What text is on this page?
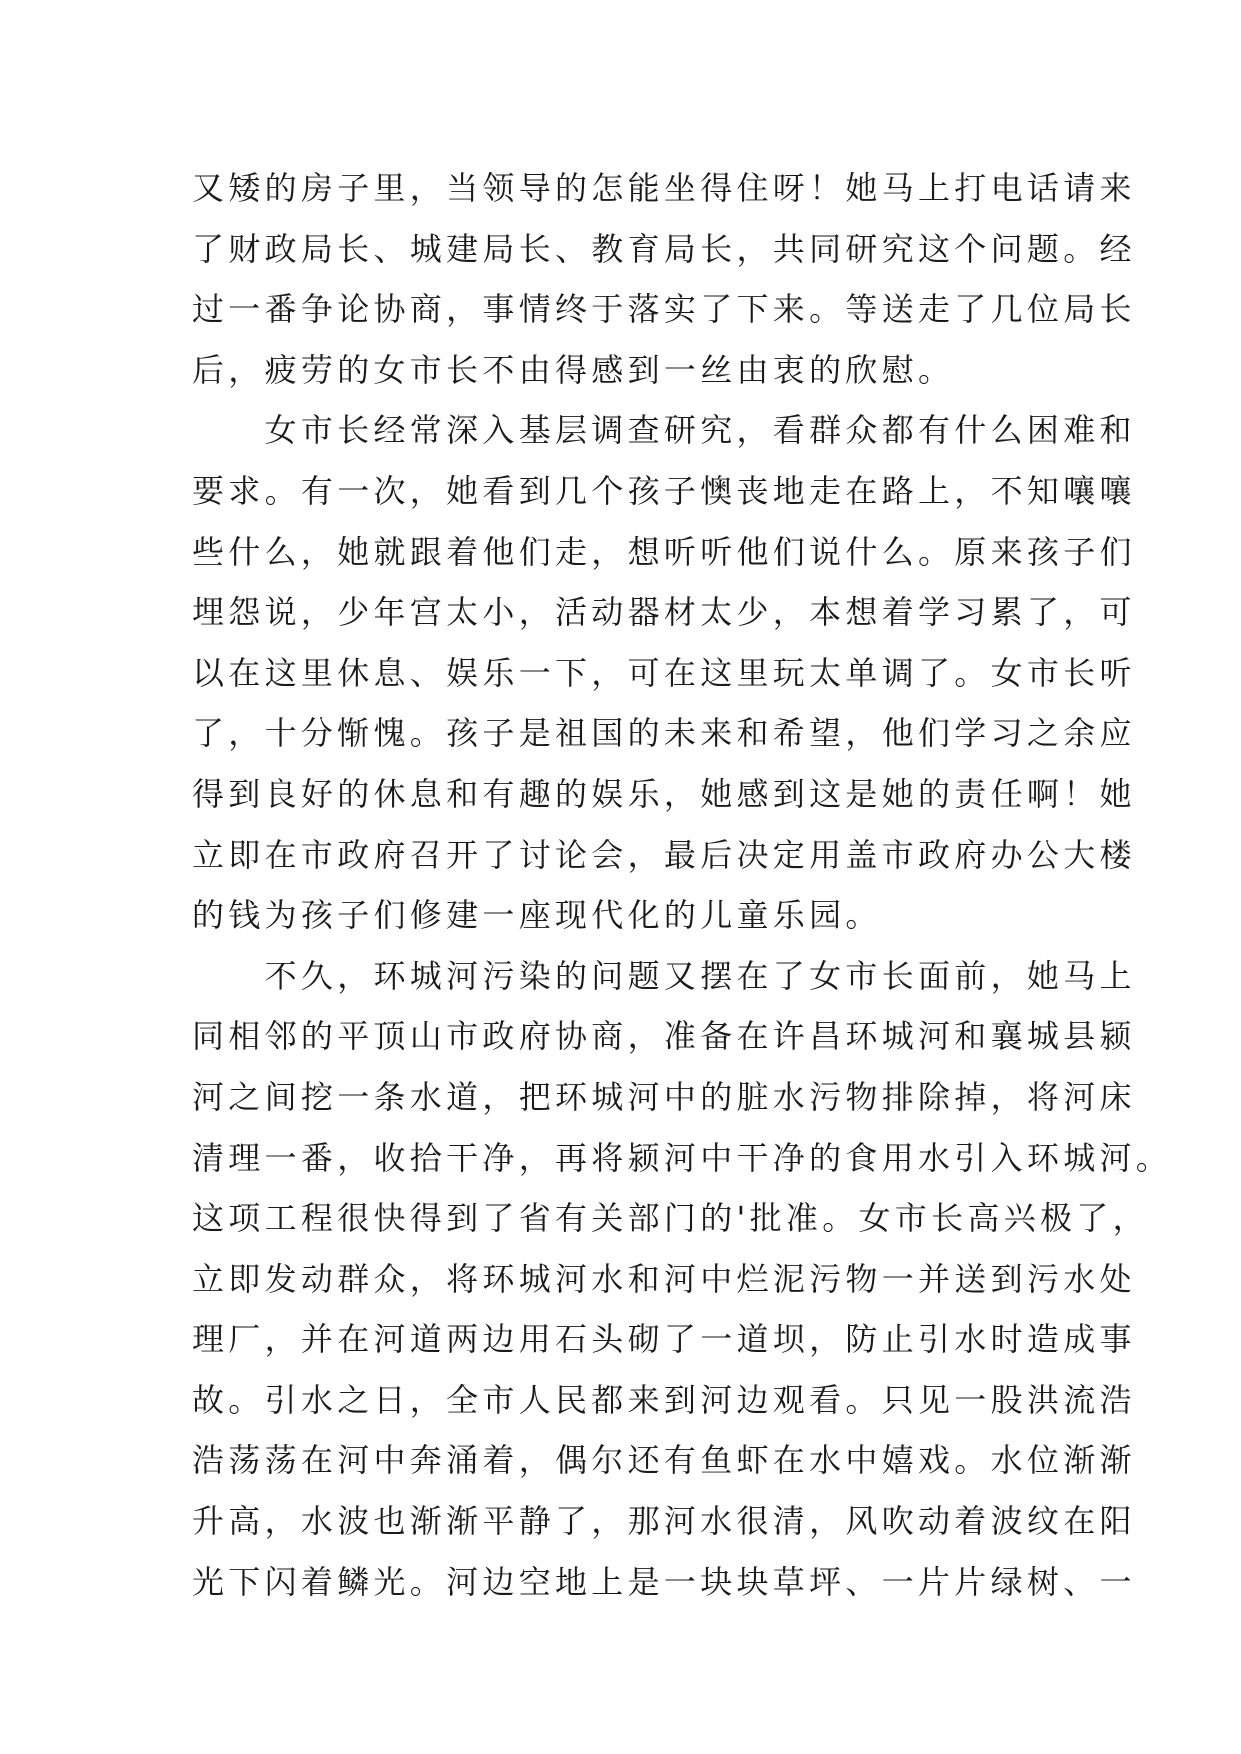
又矮的房子里，当领导的怎能坐得住呀！她马上打电话请来
了财政局长、城建局长、教育局长，共同研究这个问题。经
过一番争论协商，事情终于落实了下来。等送走了几位局长
后，疲劳的女市长不由得感到一丝由衷的欣慰。
　　女市长经常深入基层调查研究，看群众都有什么困难和
要求。有一次，她看到几个孩子懊丧地走在路上，不知嚷嚷
些什么，她就跟着他们走，想听听他们说什么。原来孩子们
埋怨说，少年宫太小，活动器材太少，本想着学习累了，可
以在这里休息、娱乐一下，可在这里玩太单调了。女市长听
了，十分惭愧。孩子是祖国的未来和希望，他们学习之余应
得到良好的休息和有趣的娱乐，她感到这是她的责任啊！她
立即在市政府召开了讨论会，最后决定用盖市政府办公大楼
的钱为孩子们修建一座现代化的儿童乐园。
　　不久，环城河污染的问题又摆在了女市长面前，她马上
同相邻的平顶山市政府协商，准备在许昌环城河和襄城县颍
河之间挖一条水道，把环城河中的脏水污物排除掉，将河床
清理一番，收拾干净，再将颍河中干净的食用水引入环城河。
这项工程很快得到了省有关部门的'批准。女市长高兴极了，
立即发动群众，将环城河水和河中烂泥污物一并送到污水处
理厂，并在河道两边用石头砌了一道坝，防止引水时造成事
故。引水之日，全市人民都来到河边观看。只见一股洪流浩
浩荡荡在河中奔涌着，偶尔还有鱼虾在水中嬉戏。水位渐渐
升高，水波也渐渐平静了，那河水很清，风吹动着波纹在阳
光下闪着鳞光。河边空地上是一块块草坪、一片片绿树、一
